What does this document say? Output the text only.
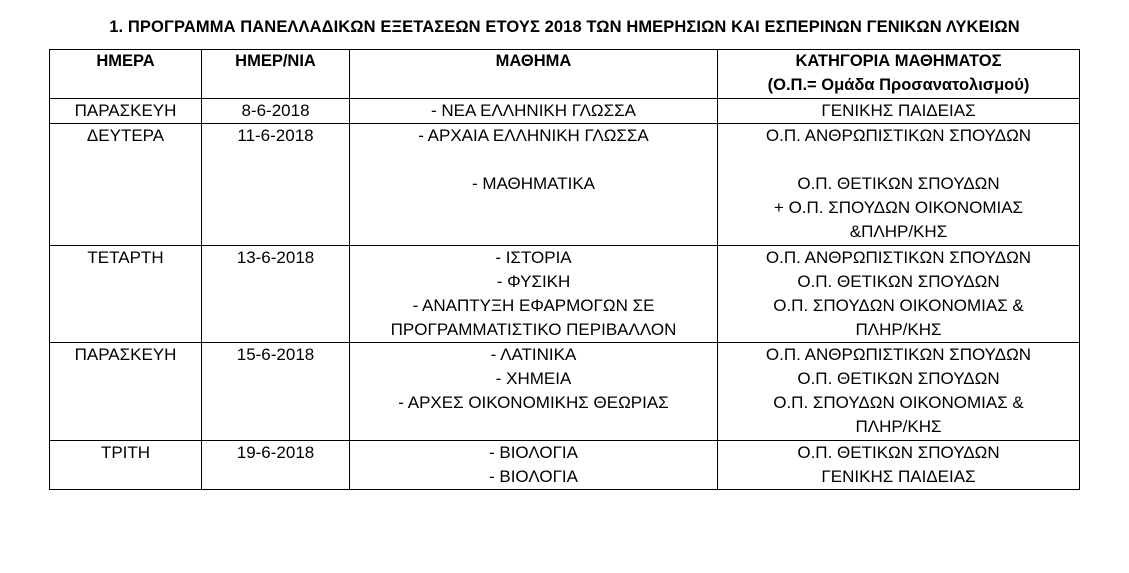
1. ΠΡΟΓΡΑΜΜΑ ΠΑΝΕΛΛΑΔΙΚΩΝ ΕΞΕΤΑΣΕΩΝ ΕΤΟΥΣ 2018 ΤΩΝ ΗΜΕΡΗΣΙΩΝ ΚΑΙ ΕΣΠΕΡΙΝΩΝ ΓΕΝΙΚΩΝ ΛΥΚΕΙΩΝ
ΗΜΕΡΑ	ΗΜΕΡ/ΝΙΑ	ΜΑΘΗΜΑ	ΚΑΤΗΓΟΡΙΑ ΜΑΘΗΜΑΤΟΣ
(Ο.Π.= Ομάδα Προσανατολισμού)

ΠΑΡΑΣΚΕΥΗ	8-6-2018	- ΝΕΑ ΕΛΛΗΝΙΚΗ ΓΛΩΣΣΑ	ΓΕΝΙΚΗΣ ΠΑΙΔΕΙΑΣ

ΔΕΥΤΕΡΑ	11-6-2018	- ΑΡΧΑΙΑ ΕΛΛΗΝΙΚΗ ΓΛΩΣΣΑ
- ΜΑΘΗΜΑΤΙΚΑ	Ο.Π. ΑΝΘΡΩΠΙΣΤΙΚΩΝ ΣΠΟΥΔΩΝ
Ο.Π. ΘΕΤΙΚΩΝ ΣΠΟΥΔΩΝ
+ Ο.Π. ΣΠΟΥΔΩΝ ΟΙΚΟΝΟΜΙΑΣ
&ΠΛΗΡ/ΚΗΣ

ΤΕΤΑΡΤΗ	13-6-2018	- ΙΣΤΟΡΙΑ
- ΦΥΣΙΚΗ
- ΑΝΑΠΤΥΞΗ ΕΦΑΡΜΟΓΩΝ ΣΕ
ΠΡΟΓΡΑΜΜΑΤΙΣΤΙΚΟ ΠΕΡΙΒΑΛΛΟΝ	Ο.Π. ΑΝΘΡΩΠΙΣΤΙΚΩΝ ΣΠΟΥΔΩΝ
Ο.Π. ΘΕΤΙΚΩΝ ΣΠΟΥΔΩΝ
Ο.Π. ΣΠΟΥΔΩΝ ΟΙΚΟΝΟΜΙΑΣ &
ΠΛΗΡ/ΚΗΣ

ΠΑΡΑΣΚΕΥΗ	15-6-2018	- ΛΑΤΙΝΙΚΑ
- ΧΗΜΕΙΑ
- ΑΡΧΕΣ ΟΙΚΟΝΟΜΙΚΗΣ ΘΕΩΡΙΑΣ	Ο.Π. ΑΝΘΡΩΠΙΣΤΙΚΩΝ ΣΠΟΥΔΩΝ
Ο.Π. ΘΕΤΙΚΩΝ ΣΠΟΥΔΩΝ
Ο.Π. ΣΠΟΥΔΩΝ ΟΙΚΟΝΟΜΙΑΣ &
ΠΛΗΡ/ΚΗΣ

ΤΡΙΤΗ	19-6-2018	- ΒΙΟΛΟΓΙΑ
- ΒΙΟΛΟΓΙΑ	Ο.Π. ΘΕΤΙΚΩΝ ΣΠΟΥΔΩΝ
ΓΕΝΙΚΗΣ ΠΑΙΔΕΙΑΣ
